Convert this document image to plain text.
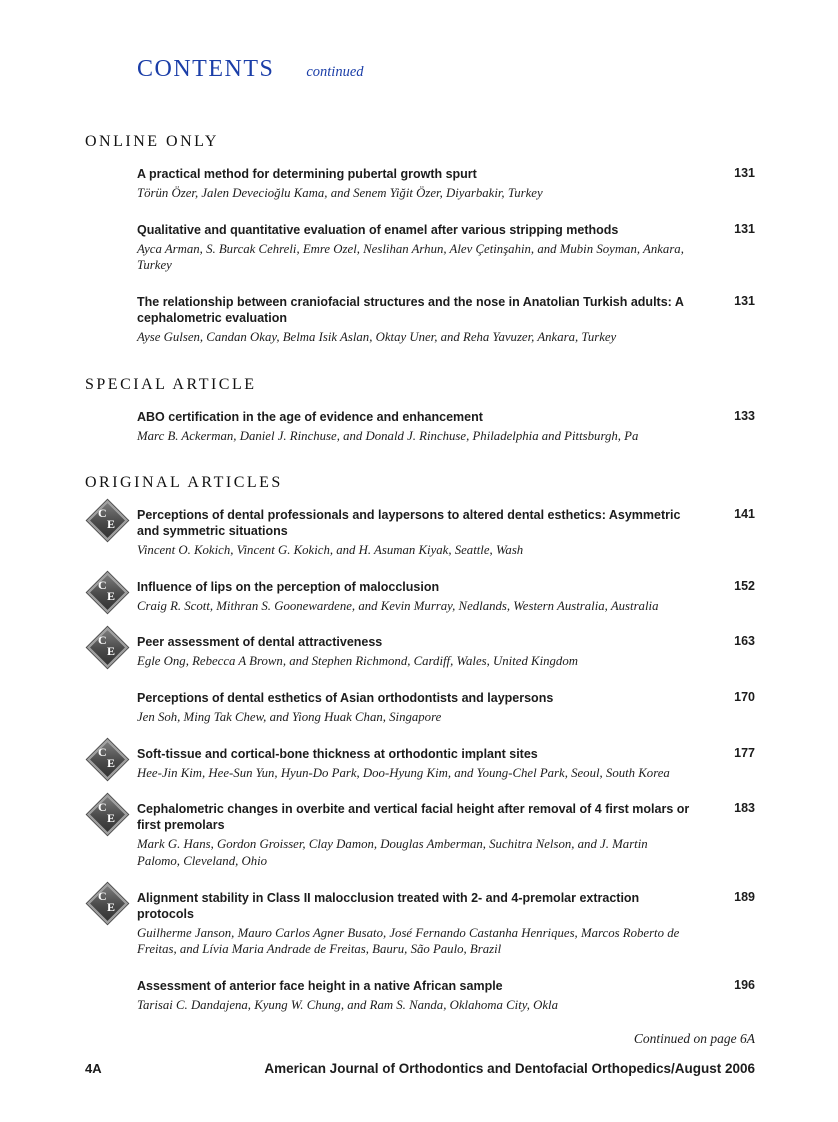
CONTENTS continued
ONLINE ONLY
A practical method for determining pubertal growth spurt
Törün Özer, Jalen Devecioğlu Kama, and Senem Yiğit Özer, Diyarbakir, Turkey
131
Qualitative and quantitative evaluation of enamel after various stripping methods
Ayca Arman, S. Burcak Cehreli, Emre Ozel, Neslihan Arhun, Alev Çetinşahin, and Mubin Soyman, Ankara, Turkey
131
The relationship between craniofacial structures and the nose in Anatolian Turkish adults: A cephalometric evaluation
Ayse Gulsen, Candan Okay, Belma Isik Aslan, Oktay Uner, and Reha Yavuzer, Ankara, Turkey
131
SPECIAL ARTICLE
ABO certification in the age of evidence and enhancement
Marc B. Ackerman, Daniel J. Rinchuse, and Donald J. Rinchuse, Philadelphia and Pittsburgh, Pa
133
ORIGINAL ARTICLES
C
E
Perceptions of dental professionals and laypersons to altered dental esthetics: Asymmetric and symmetric situations
Vincent O. Kokich, Vincent G. Kokich, and H. Asuman Kiyak, Seattle, Wash
141
C
E
Influence of lips on the perception of malocclusion
Craig R. Scott, Mithran S. Goonewardene, and Kevin Murray, Nedlands, Western Australia, Australia
152
C
E
Peer assessment of dental attractiveness
Egle Ong, Rebecca A Brown, and Stephen Richmond, Cardiff, Wales, United Kingdom
163
Perceptions of dental esthetics of Asian orthodontists and laypersons
Jen Soh, Ming Tak Chew, and Yiong Huak Chan, Singapore
170
C
E
Soft-tissue and cortical-bone thickness at orthodontic implant sites
Hee-Jin Kim, Hee-Sun Yun, Hyun-Do Park, Doo-Hyung Kim, and Young-Chel Park, Seoul, South Korea
177
C
E
Cephalometric changes in overbite and vertical facial height after removal of 4 first molars or first premolars
Mark G. Hans, Gordon Groisser, Clay Damon, Douglas Amberman, Suchitra Nelson, and J. Martin Palomo, Cleveland, Ohio
183
C
E
Alignment stability in Class II malocclusion treated with 2- and 4-premolar extraction protocols
Guilherme Janson, Mauro Carlos Agner Busato, José Fernando Castanha Henriques, Marcos Roberto de Freitas, and Lívia Maria Andrade de Freitas, Bauru, São Paulo, Brazil
189
Assessment of anterior face height in a native African sample
Tarisai C. Dandajena, Kyung W. Chung, and Ram S. Nanda, Oklahoma City, Okla
196
Continued on page 6A
4A	American Journal of Orthodontics and Dentofacial Orthopedics/August 2006
